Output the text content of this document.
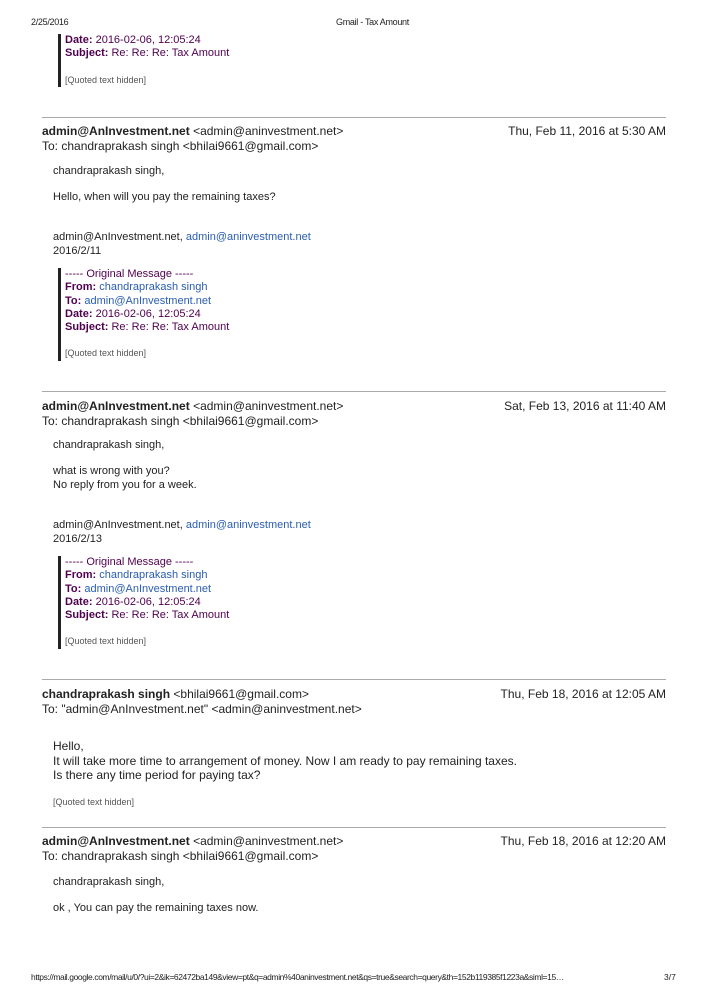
2/25/2016	Gmail - Tax Amount
Date: 2016-02-06, 12:05:24
Subject: Re: Re: Re: Tax Amount
[Quoted text hidden]
admin@AnInvestment.net <admin@aninvestment.net>	Thu, Feb 11, 2016 at 5:30 AM
To: chandraprakash singh <bhilai9661@gmail.com>

chandraprakash singh,

Hello, when will you pay the remaining taxes?

admin@AnInvestment.net, admin@aninvestment.net

2016/2/11

----- Original Message -----
From: chandraprakash singh
To: admin@AnInvestment.net
Date: 2016-02-06, 12:05:24
Subject: Re: Re: Re: Tax Amount
[Quoted text hidden]
admin@AnInvestment.net <admin@aninvestment.net>	Sat, Feb 13, 2016 at 11:40 AM
To: chandraprakash singh <bhilai9661@gmail.com>

chandraprakash singh,

what is wrong with you?

No reply from you for a week.

admin@AnInvestment.net, admin@aninvestment.net

2016/2/13

----- Original Message -----
From: chandraprakash singh
To: admin@AnInvestment.net
Date: 2016-02-06, 12:05:24
Subject: Re: Re: Re: Tax Amount
[Quoted text hidden]
chandraprakash singh <bhilai9661@gmail.com>	Thu, Feb 18, 2016 at 12:05 AM
To: "admin@AnInvestment.net" <admin@aninvestment.net>

Hello,

It will take more time to arrangement of money. Now I am ready to pay remaining taxes.

Is there any time period for paying tax?

[Quoted text hidden]
admin@AnInvestment.net <admin@aninvestment.net>	Thu, Feb 18, 2016 at 12:20 AM
To: chandraprakash singh <bhilai9661@gmail.com>

chandraprakash singh,

ok , You can pay the remaining taxes now.

https://mail.google.com/mail/u/0/?ui=2&ik=62472ba149&view=pt&q=admin%40aninvestment.net&qs=true&search=query&th=152b119385f1223a&siml=15…	3/7
